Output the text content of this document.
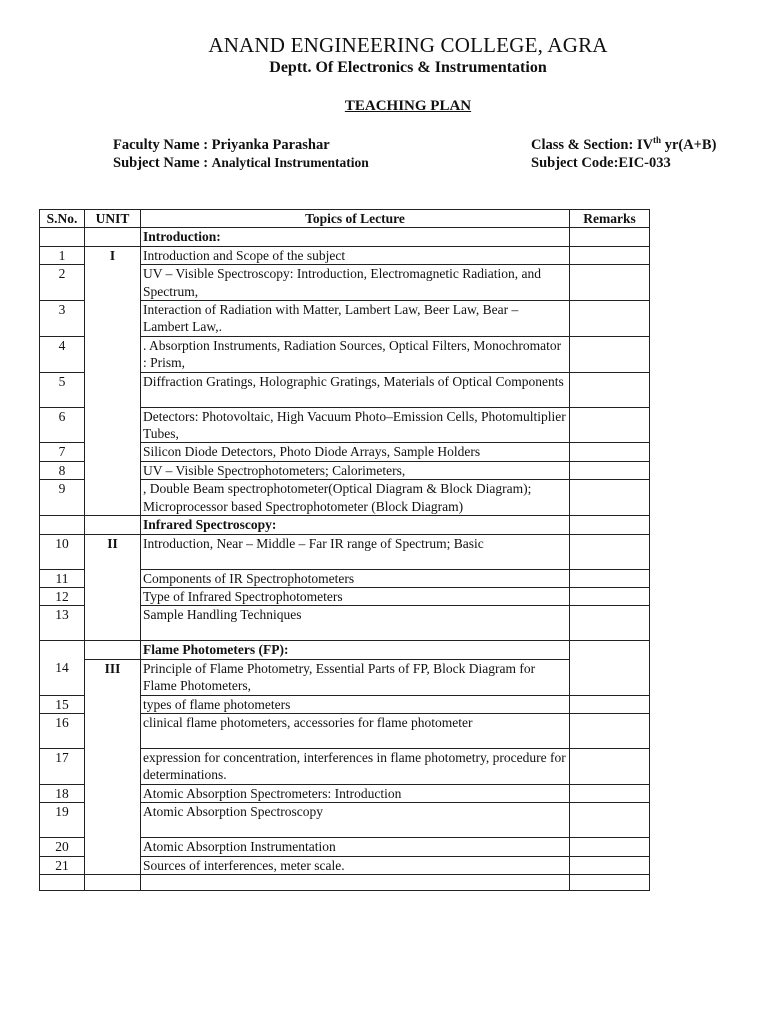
ANAND ENGINEERING COLLEGE, AGRA
Deptt. Of Electronics & Instrumentation
TEACHING PLAN
Faculty Name : Priyanka Parashar
Subject Name : Analytical Instrumentation
Class & Section: IVth yr(A+B)
Subject Code:EIC-033
S.No.	UNIT	Topics of Lecture	Remarks
		Introduction:	
1	I	Introduction and Scope of the subject	
2		UV – Visible Spectroscopy: Introduction, Electromagnetic Radiation, and Spectrum,	
3		Interaction of Radiation with Matter, Lambert Law, Beer Law, Bear – Lambert Law,.	
4		. Absorption Instruments, Radiation Sources, Optical Filters, Monochromator : Prism,	
5		Diffraction Gratings, Holographic Gratings, Materials of Optical Components	
6		Detectors: Photovoltaic, High Vacuum Photo–Emission Cells, Photomultiplier Tubes,	
7		Silicon Diode Detectors, Photo Diode Arrays, Sample Holders	
8		UV – Visible Spectrophotometers; Calorimeters,	
9		, Double Beam spectrophotometer(Optical Diagram & Block Diagram); Microprocessor based Spectrophotometer (Block Diagram)	
		Infrared Spectroscopy:	
10	II	Introduction, Near – Middle – Far IR range of Spectrum; Basic	
11		Components of IR Spectrophotometers	
12		Type of Infrared Spectrophotometers	
13		Sample Handling Techniques	
14		Flame Photometers (FP):	
	III	Principle of Flame Photometry, Essential Parts of FP, Block Diagram for Flame Photometers,	
15		types of flame photometers	
16		clinical flame photometers, accessories for flame photometer	
17		expression for concentration, interferences in flame photometry, procedure for determinations.	
18		Atomic Absorption Spectrometers: Introduction	
19		Atomic Absorption Spectroscopy	
20		Atomic Absorption Instrumentation	
21		Sources of interferences, meter scale.	
